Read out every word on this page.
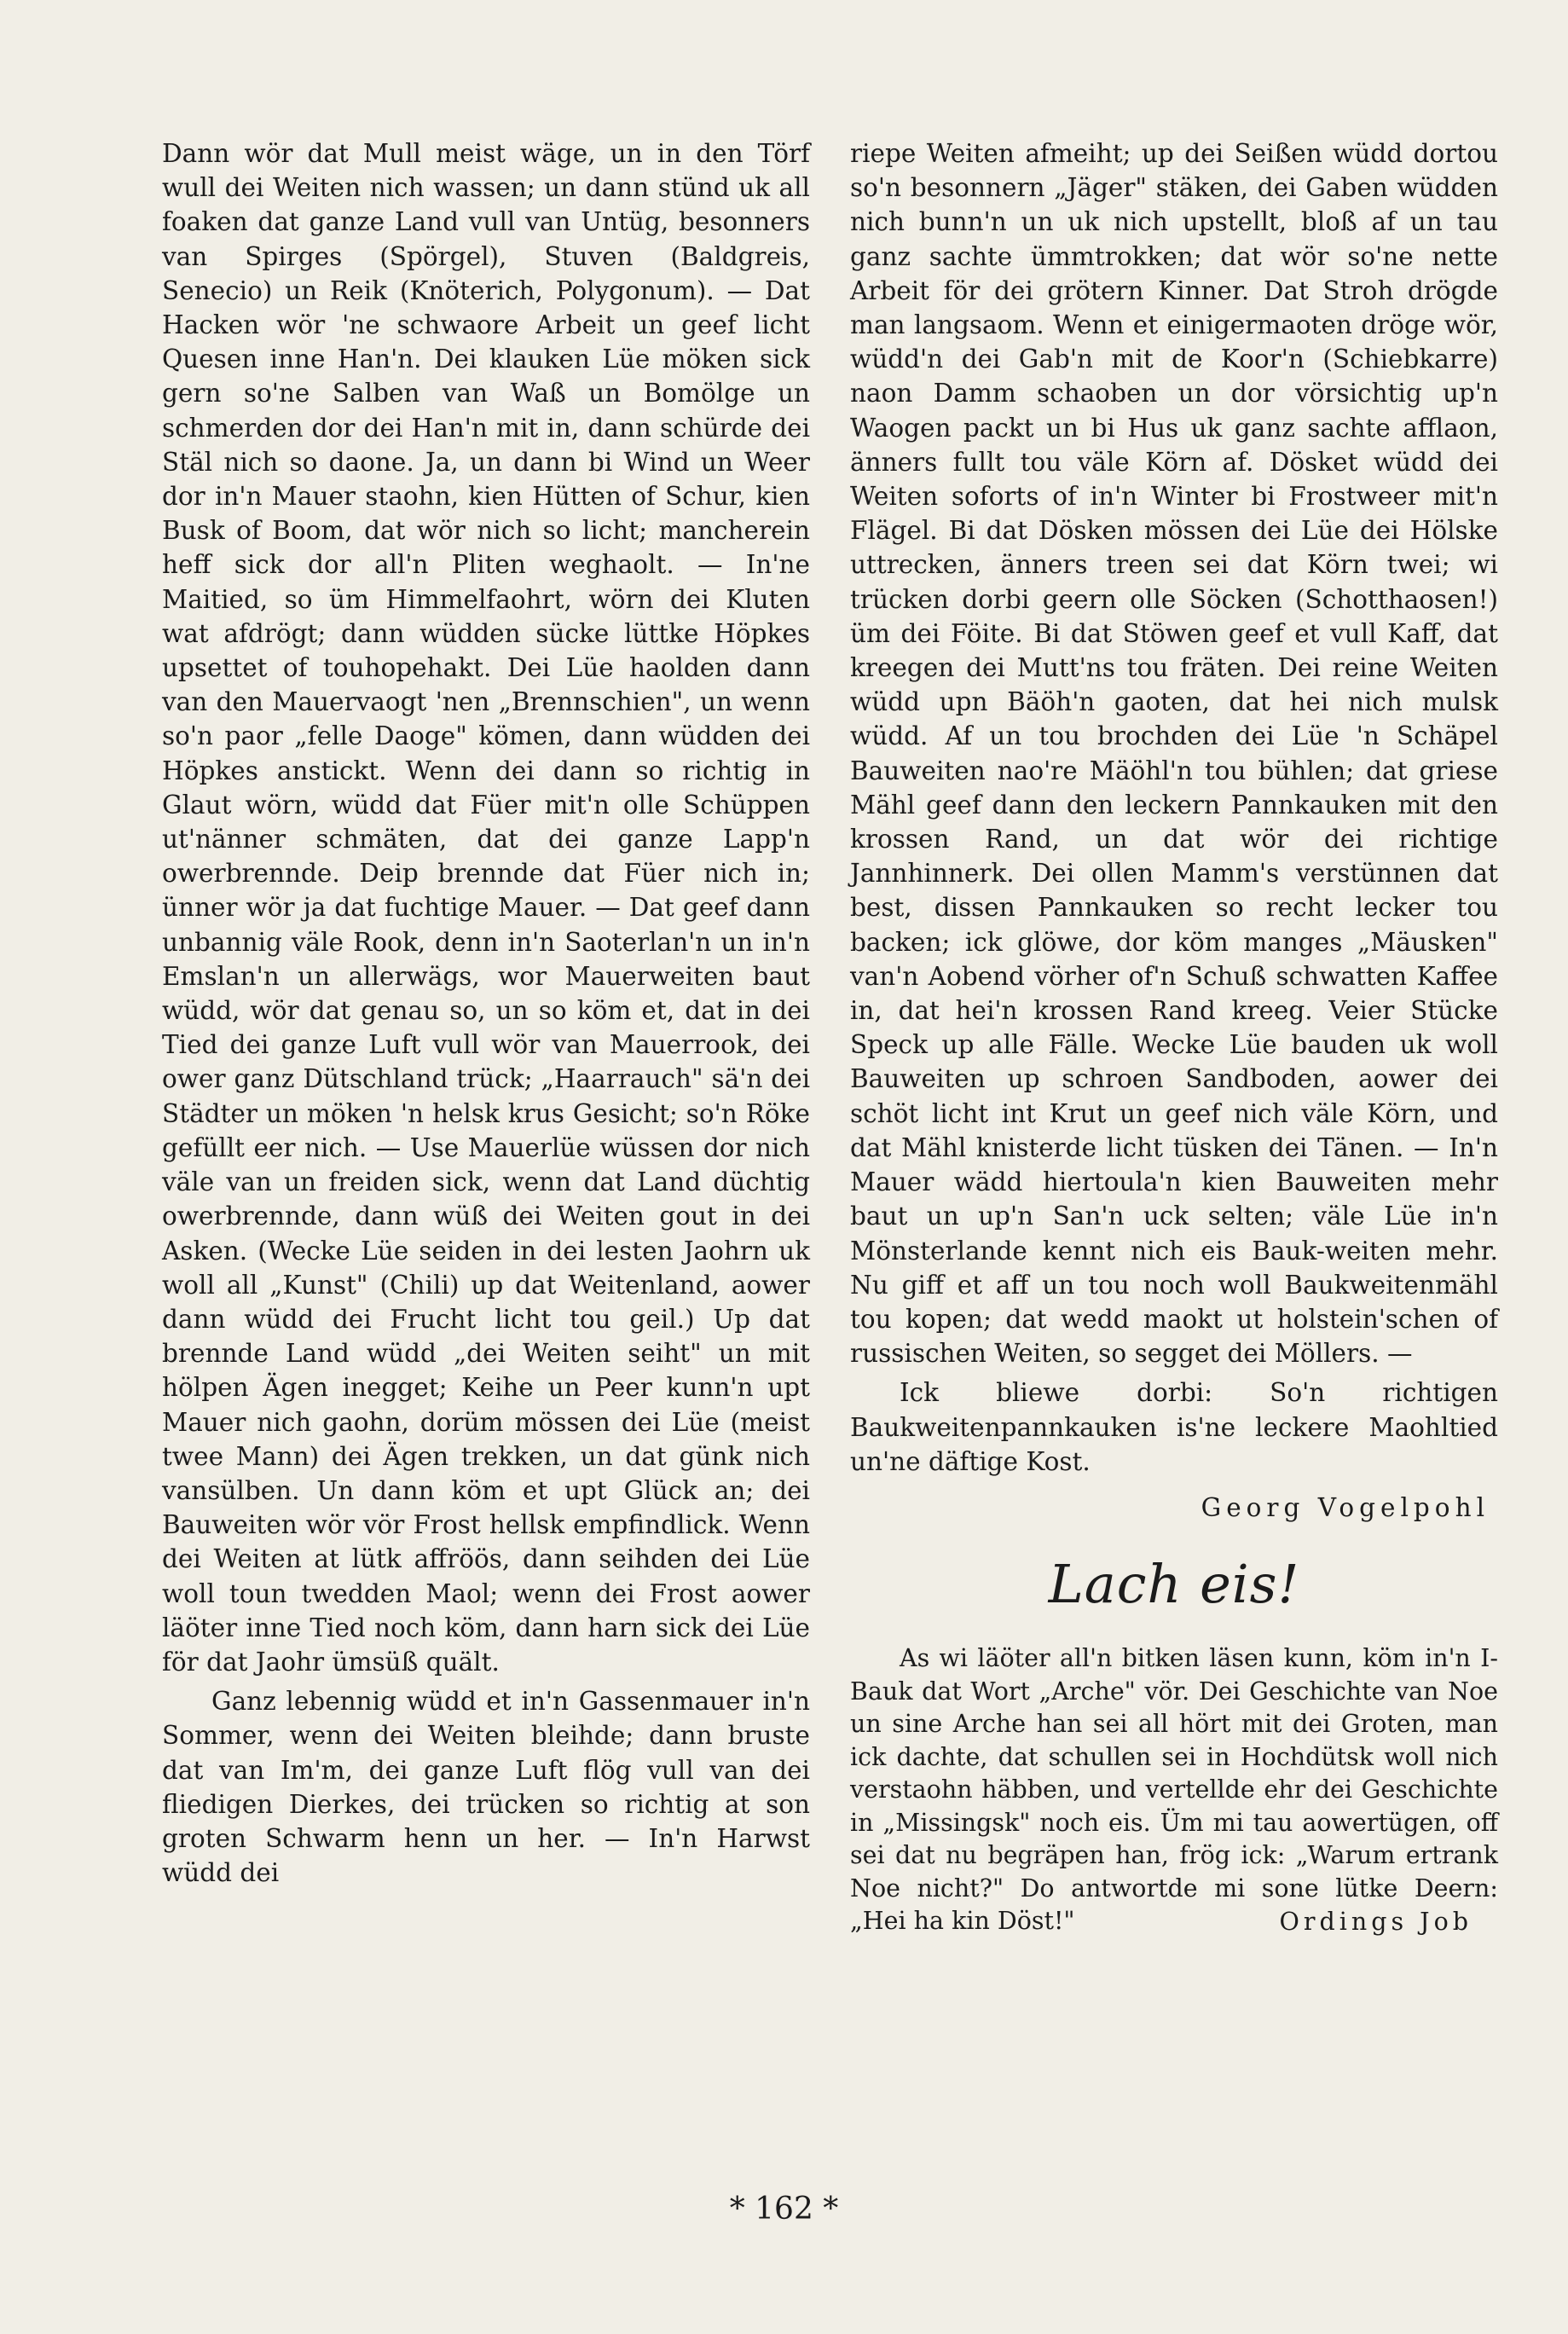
Dann wör dat Mull meist wäge, un in den Törf wull dei Weiten nich wassen; un dann stünd uk all foaken dat ganze Land vull van Untüg, besonners van Spirges (Spörgel), Stuven (Baldgreis, Senecio) un Reik (Knöterich, Polygonum). — Dat Hacken wör 'ne schwaore Arbeit un geef licht Quesen inne Han'n. Dei klauken Lüe möken sick gern so'ne Salben van Waß un Bomölge un schmerden dor dei Han'n mit in, dann schürde dei Stäl nich so daone. Ja, un dann bi Wind un Weer dor in'n Mauer staohn, kien Hütten of Schur, kien Busk of Boom, dat wör nich so licht; mancherein heff sick dor all'n Pliten weghaolt. — In'ne Maitied, so üm Himmelfaohrt, wörn dei Kluten wat afdrögt; dann wüdden sücke lüttke Höpkes upsettet of touhopehakt. Dei Lüe haolden dann van den Mauervaogt 'nen „Brennschien", un wenn so'n paor „felle Daoge" kömen, dann wüdden dei Höpkes anstickt. Wenn dei dann so richtig in Glaut wörn, wüdd dat Füer mit'n olle Schüppen ut'nänner schmäten, dat dei ganze Lapp'n owerbrennde. Deip brennde dat Füer nich in; ünner wör ja dat fuchtige Mauer. — Dat geef dann unbannig väle Rook, denn in'n Saoterlan'n un in'n Emslan'n un allerwägs, wor Mauerweiten baut wüdd, wör dat genau so, un so köm et, dat in dei Tied dei ganze Luft vull wör van Mauerrook, dei ower ganz Dütschland trück; „Haarrauch" sä'n dei Städter un möken 'n helsk krus Gesicht; so'n Röke gefüllt eer nich. — Use Mauerlüe wüssen dor nich väle van un freiden sick, wenn dat Land düchtig owerbrennde, dann wüß dei Weiten gout in dei Asken. (Wecke Lüe seiden in dei lesten Jaohrn uk woll all „Kunst" (Chili) up dat Weitenland, aower dann wüdd dei Frucht licht tou geil.) Up dat brennde Land wüdd „dei Weiten seiht" un mit hölpen Ägen inegget; Keihe un Peer kunn'n upt Mauer nich gaohn, dorüm mössen dei Lüe (meist twee Mann) dei Ägen trekken, un dat günk nich vansülben. Un dann köm et upt Glück an; dei Bauweiten wör vör Frost hellsk empfindlick. Wenn dei Weiten at lütk affröös, dann seihden dei Lüe woll toun twedden Maol; wenn dei Frost aower läöter inne Tied noch köm, dann harn sick dei Lüe för dat Jaohr ümsüß quält.

Ganz lebennig wüdd et in'n Gassenmauer in'n Sommer, wenn dei Weiten bleihde; dann bruste dat van Im'm, dei ganze Luft flög vull van dei fliedigen Dierkes, dei trücken so richtig at son groten Schwarm henn un her. — In'n Harwst wüdd dei

riepe Weiten afmeiht; up dei Seißen wüdd dortou so'n besonnern „Jäger" stäken, dei Gaben wüdden nich bunn'n un uk nich upstellt, bloß af un tau ganz sachte ümmtrokken; dat wör so'ne nette Arbeit för dei grötern Kinner. Dat Stroh drögde man langsaom. Wenn et einigermaoten dröge wör, wüdd'n dei Gab'n mit de Koor'n (Schiebkarre) naon Damm schaoben un dor vörsichtig up'n Waogen packt un bi Hus uk ganz sachte afflaon, änners fullt tou väle Körn af. Dösket wüdd dei Weiten soforts of in'n Winter bi Frostweer mit'n Flägel. Bi dat Dösken mössen dei Lüe dei Hölske uttrecken, änners treen sei dat Körn twei; wi trücken dorbi geern olle Söcken (Schotthaosen!) üm dei Föite. Bi dat Stöwen geef et vull Kaff, dat kreegen dei Mutt'ns tou fräten. Dei reine Weiten wüdd upn Bäöh'n gaoten, dat hei nich mulsk wüdd. Af un tou brochden dei Lüe 'n Schäpel Bauweiten nao're Mäöhl'n tou bühlen; dat griese Mähl geef dann den leckern Pannkauken mit den krossen Rand, un dat wör dei richtige Jannhinnerk. Dei ollen Mamm's verstünnen dat best, dissen Pannkauken so recht lecker tou backen; ick glöwe, dor köm manges „Mäusken" van'n Aobend vörher of'n Schuß schwatten Kaffee in, dat hei'n krossen Rand kreeg. Veier Stücke Speck up alle Fälle. Wecke Lüe bauden uk woll Bauweiten up schroen Sandboden, aower dei schöt licht int Krut un geef nich väle Körn, und dat Mähl knisterde licht tüsken dei Tänen. — In'n Mauer wädd hiertoula'n kien Bauweiten mehr baut un up'n San'n uck selten; väle Lüe in'n Mönsterlande kennt nich eis Bauk-weiten mehr. Nu giff et aff un tou noch woll Baukweitenmähl tou kopen; dat wedd maokt ut holstein'schen of russischen Weiten, so segget dei Möllers. —

Ick bliewe dorbi: So'n richtigen Baukweitenpannkauken is'ne leckere Maohltied un'ne däftige Kost.

Georg Vogelpohl

Lach eis!

As wi läöter all'n bitken läsen kunn, köm in'n I-Bauk dat Wort „Arche" vör. Dei Geschichte van Noe un sine Arche han sei all hört mit dei Groten, man ick dachte, dat schullen sei in Hochdütsk woll nich verstaohn häbben, und vertellde ehr dei Geschichte in „Missingsk" noch eis. Üm mi tau aowertügen, off sei dat nu begräpen han, frög ick: „Warum ertrank Noe nicht?" Do antwortde mi sone lütke Deern: „Hei ha kin Döst!"	Ordings Job

* 162 *
